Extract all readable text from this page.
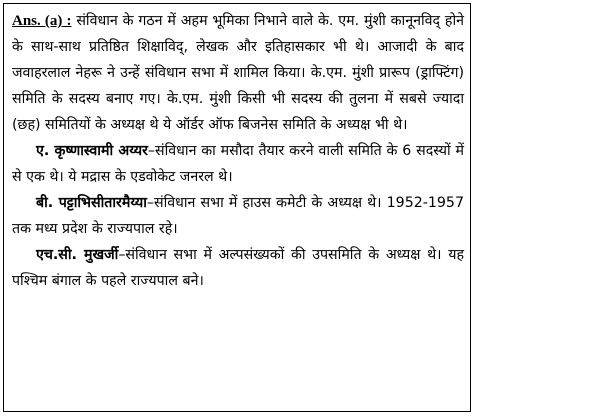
Ans. (a) : संविधान के गठन में अहम भूमिका निभाने वाले के. एम. मुंशी कानूनविद् होने के साथ-साथ प्रतिष्ठित शिक्षाविद्, लेखक और इतिहासकार भी थे। आजादी के बाद जवाहरलाल नेहरू ने उन्हें संविधान सभा में शामिल किया। के.एम. मुंशी प्रारूप (ड्राफ्टिंग) समिति के सदस्य बनाए गए। के.एम. मुंशी किसी भी सदस्य की तुलना में सबसे ज्यादा (छह) समितियों के अध्यक्ष थे ये ऑर्डर ऑफ बिजनेस समिति के अध्यक्ष भी थे।

ए. कृष्णास्वामी अय्यर–संविधान का मसौदा तैयार करने वाली समिति के 6 सदस्यों में से एक थे। ये मद्रास के एडवोकेट जनरल थे।

बी. पट्टाभिसीतारमैय्या–संविधान सभा में हाउस कमेटी के अध्यक्ष थे। 1952-1957 तक मध्य प्रदेश के राज्यपाल रहे।

एच.सी. मुखर्जी–संविधान सभा में अल्पसंख्यकों की उपसमिति के अध्यक्ष थे। यह पश्चिम बंगाल के पहले राज्यपाल बने।
